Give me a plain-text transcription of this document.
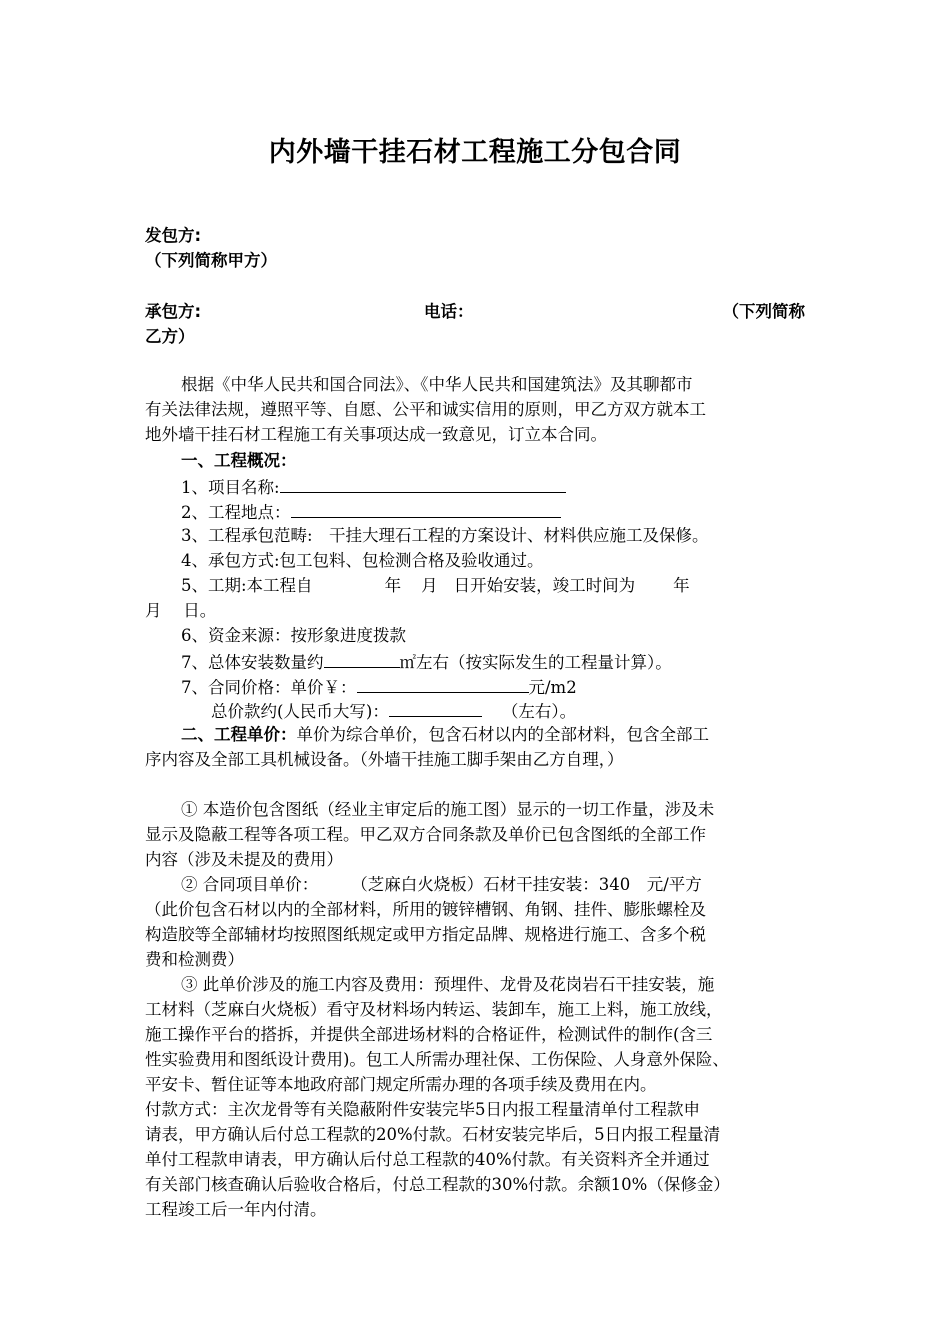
内外墙干挂石材工程施工分包合同
发包方:
（下列简称甲方）
承包方:	电话：	（下列简称
乙方）
根据《中华人民共和国合同法》、《中华人民共和国建筑法》及其聊都市
有关法律法规，遵照平等、自愿、公平和诚实信用的原则，甲乙方双方就本工
地外墙干挂石材工程施工有关事项达成一致意见，订立本合同。
一、工程概况：
1、项目名称:
2、工程地点：
3、工程承包范畴:　干挂大理石工程的方案设计、材料供应施工及保修。
4、承包方式:包工包料、包检测合格及验收通过。
5、工期:本工程自	年 月 日开始安装，竣工时间为 年
月　 日。
6、资金来源：按形象进度拨款
7、总体安装数量约	㎡左右（按实际发生的工程量计算）。
7、合同价格：单价￥：	元/m2
总价款约(人民币大写)：	（左右）。
二、工程单价：单价为综合单价，包含石材以内的全部材料，包含全部工
序内容及全部工具机械设备。（外墙干挂施工脚手架由乙方自理，）
① 本造价包含图纸（经业主审定后的施工图）显示的一切工作量，涉及未
显示及隐蔽工程等各项工程。甲乙双方合同条款及单价已包含图纸的全部工作
内容（涉及未提及的费用）
② 合同项目单价：　　　（芝麻白火烧板）石材干挂安装：340　元/平方
（此价包含石材以内的全部材料，所用的镀锌槽钢、角钢、挂件、膨胀螺栓及
构造胶等全部辅材均按照图纸规定或甲方指定品牌、规格进行施工、含多个税
费和检测费）
③ 此单价涉及的施工内容及费用：预埋件、龙骨及花岗岩石干挂安装，施
工材料（芝麻白火烧板）看守及材料场内转运、装卸车，施工上料，施工放线，
施工操作平台的搭拆，并提供全部进场材料的合格证件，检测试件的制作(含三
性实验费用和图纸设计费用)。包工人所需办理社保、工伤保险、人身意外保险、
平安卡、暂住证等本地政府部门规定所需办理的各项手续及费用在内。
付款方式：主次龙骨等有关隐蔽附件安装完毕5日内报工程量清单付工程款申
请表，甲方确认后付总工程款的20%付款。石材安装完毕后，5日内报工程量清
单付工程款申请表，甲方确认后付总工程款的40%付款。有关资料齐全并通过
有关部门核查确认后验收合格后，付总工程款的30%付款。余额10%（保修金）
工程竣工后一年内付清。
